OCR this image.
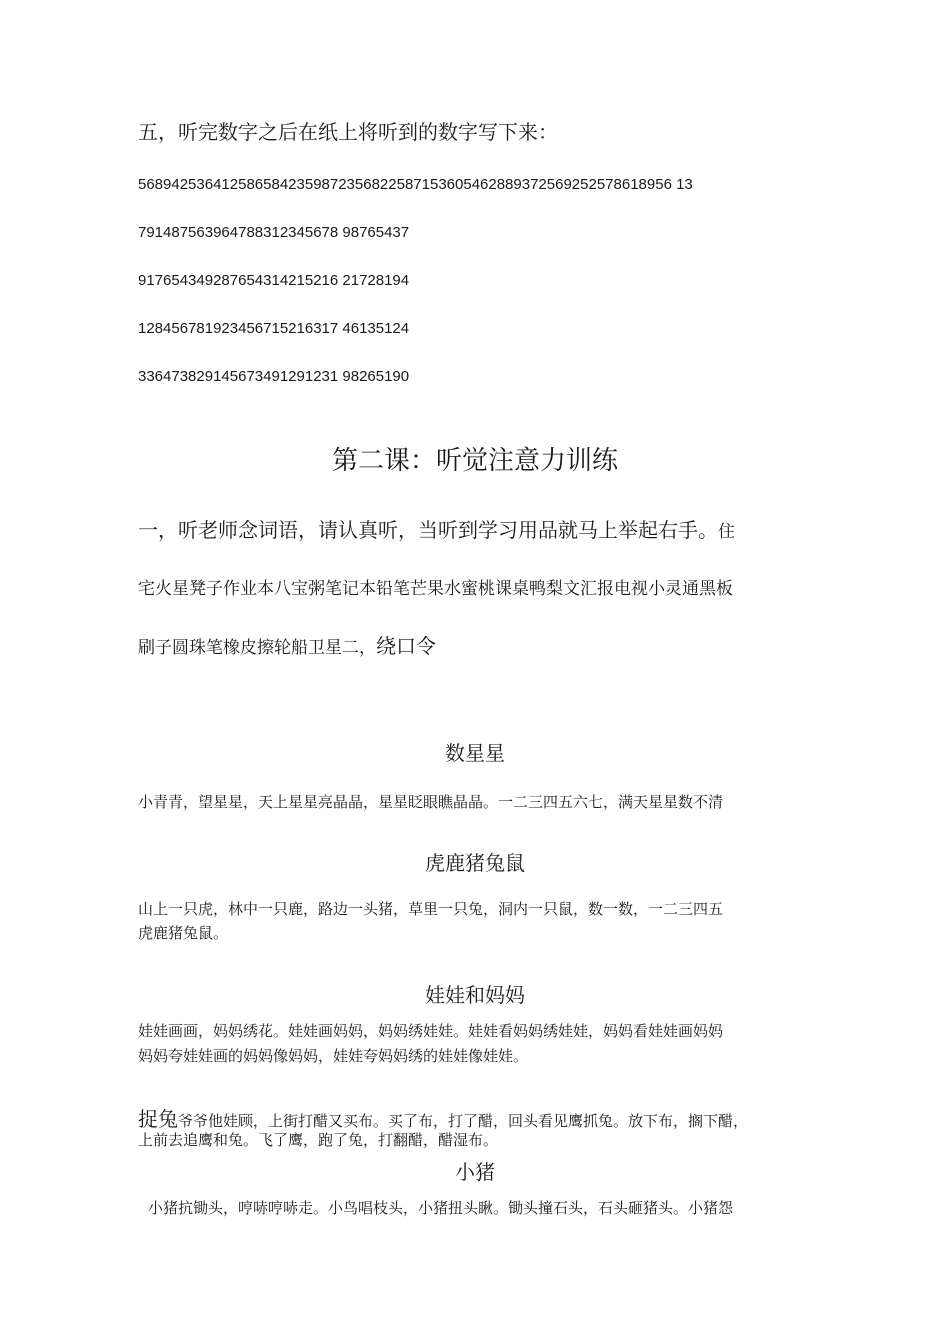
五，听完数字之后在纸上将听到的数字写下来：
5689425364125865842359872356822587153605462889372569252578618956 13
791487563964788312345678 98765437
917654349287654314215216 21728194
128456781923456715216317 46135124
336473829145673491291231 98265190
第二课：听觉注意力训练
一，听老师念词语，请认真听，当听到学习用品就马上举起右手。住
宅火星凳子作业本八宝粥笔记本铅笔芒果水蜜桃课桌鸭梨文汇报电视小灵通黑板
刷子圆珠笔橡皮擦轮船卫星二，绕口令
数星星
小青青，望星星，天上星星亮晶晶，星星眨眼瞧晶晶。一二三四五六七，满天星星数不清
虎鹿猪兔鼠
山上一只虎，林中一只鹿，路边一头猪，草里一只兔，洞内一只鼠，数一数，一二三四五
虎鹿猪兔鼠。
娃娃和妈妈
娃娃画画，妈妈绣花。娃娃画妈妈，妈妈绣娃娃。娃娃看妈妈绣娃娃，妈妈看娃娃画妈妈
妈妈夸娃娃画的妈妈像妈妈，娃娃夸妈妈绣的娃娃像娃娃。
捉兔爷爷他娃顾，上街打醋又买布。买了布，打了醋，回头看见鹰抓兔。放下布，搁下醋，
上前去追鹰和兔。飞了鹰，跑了兔，打翻醋，醋湿布。
小猪
小猪抗锄头，哼哧哼哧走。小鸟唱枝头，小猪扭头瞅。锄头撞石头，石头砸猪头。小猪怨
